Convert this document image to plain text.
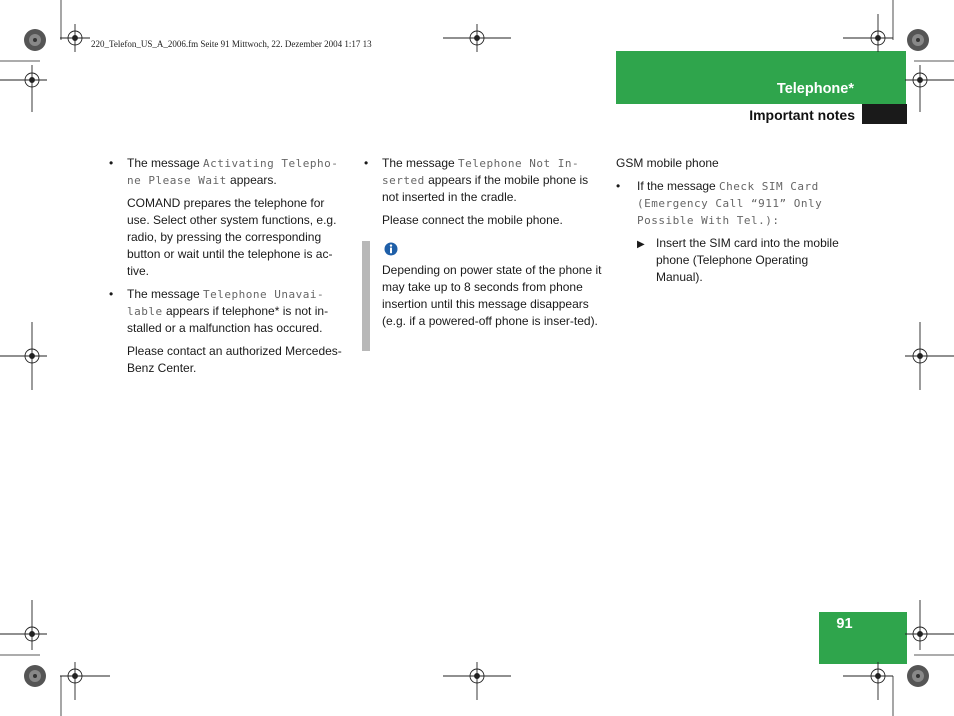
220_Telefon_US_A_2006.fm Seite 91 Mittwoch, 22. Dezember 2004 1:17 13
Telephone*
Important notes
91
• The message Activating Telepho-
ne Please Wait appears.

COMAND prepares the telephone for use. Select other system functions, e.g. radio, by pressing the corresponding button or wait until the telephone is ac-tive.

• The message Telephone Unavai-
lable appears if telephone* is not in-stalled or a malfunction has occured.

Please contact an authorized Mercedes-Benz Center.

• The message Telephone Not In-
serted appears if the mobile phone is not inserted in the cradle.

Please connect the mobile phone.

Depending on power state of the phone it may take up to 8 seconds from phone insertion until this message disappears (e.g. if a powered-off phone is inser-ted).

GSM mobile phone

• If the message Check SIM Card
(Emergency Call “911” Only
Possible With Tel.):

▶ Insert the SIM card into the mobile phone (Telephone Operating Manual).
